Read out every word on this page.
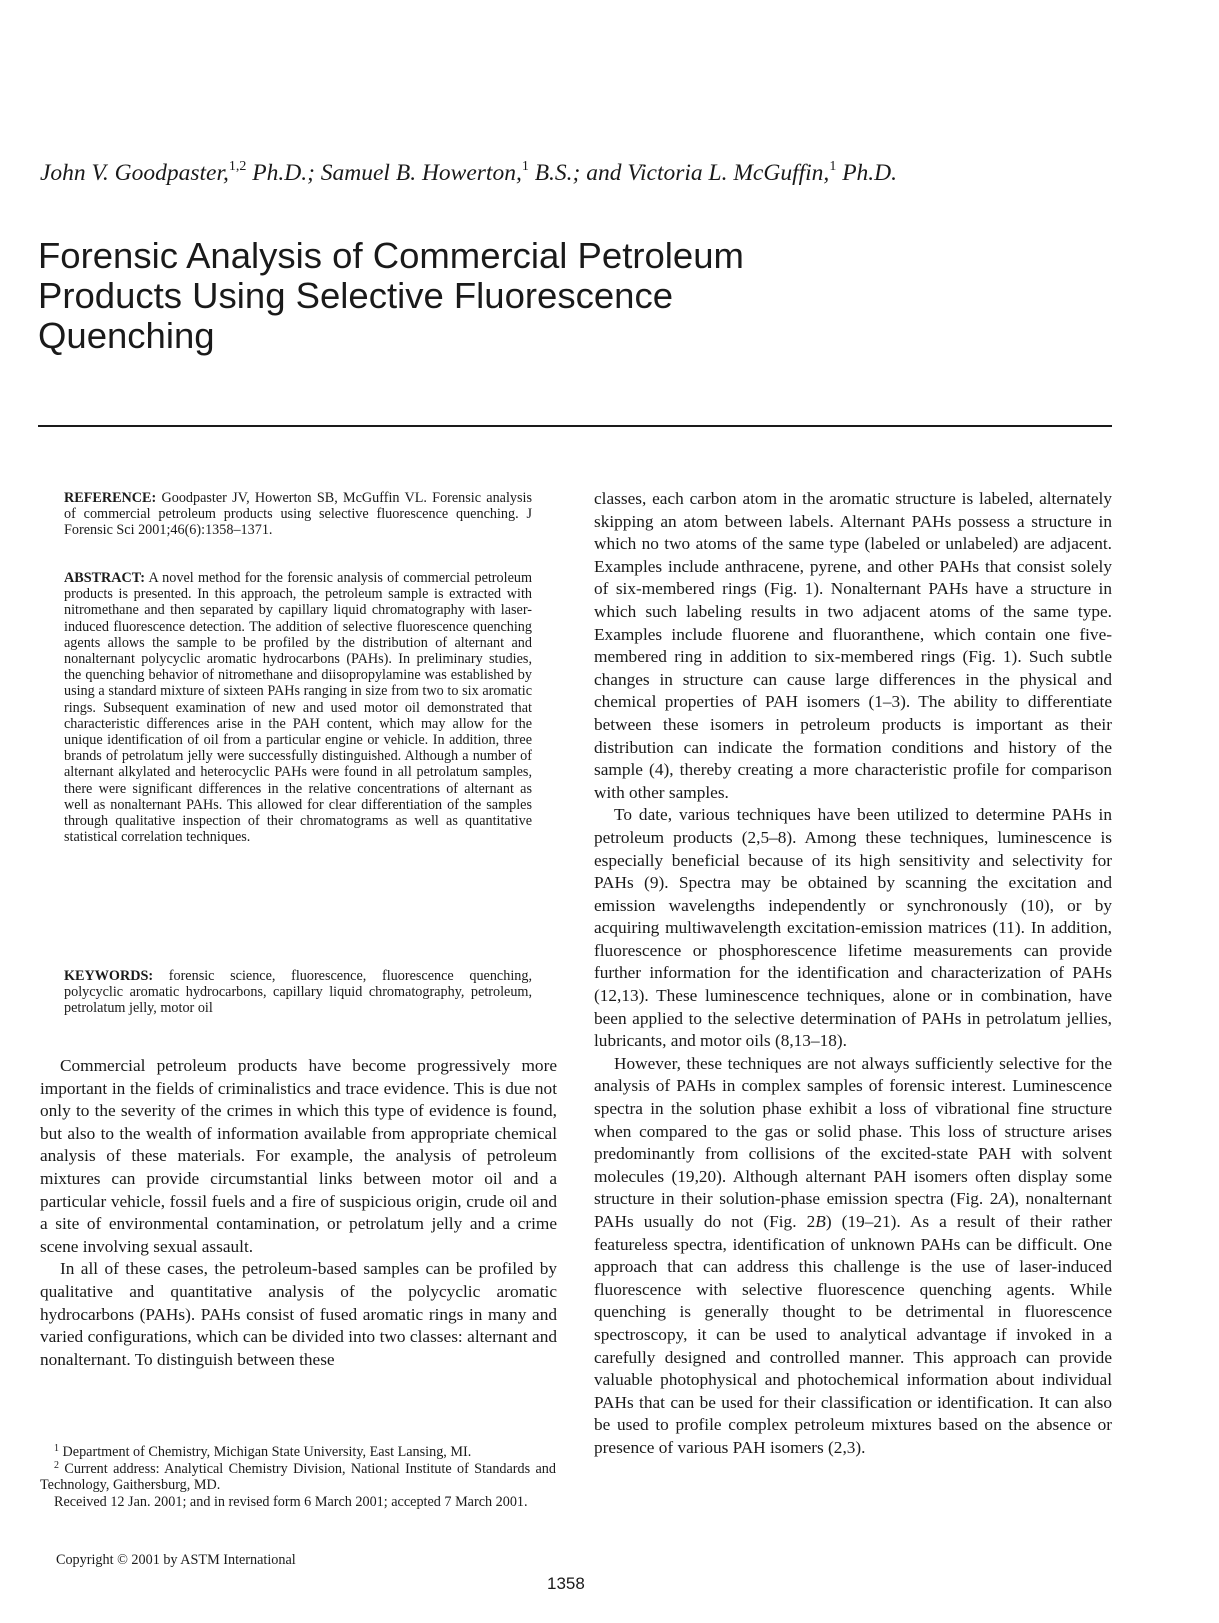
John V. Goodpaster,$^{1,2}$ Ph.D.; Samuel B. Howerton,$^1$ B.S.; and Victoria L. McGuffin,$^1$ Ph.D.
Forensic Analysis of Commercial Petroleum Products Using Selective Fluorescence Quenching
REFERENCE: Goodpaster JV, Howerton SB, McGuffin VL. Forensic analysis of commercial petroleum products using selective fluorescence quenching. J Forensic Sci 2001;46(6):1358–1371.
ABSTRACT: A novel method for the forensic analysis of commercial petroleum products is presented. In this approach, the petroleum sample is extracted with nitromethane and then separated by capillary liquid chromatography with laser-induced fluorescence detection. The addition of selective fluorescence quenching agents allows the sample to be profiled by the distribution of alternant and nonalternant polycyclic aromatic hydrocarbons (PAHs). In preliminary studies, the quenching behavior of nitromethane and diisopropylamine was established by using a standard mixture of sixteen PAHs ranging in size from two to six aromatic rings. Subsequent examination of new and used motor oil demonstrated that characteristic differences arise in the PAH content, which may allow for the unique identification of oil from a particular engine or vehicle. In addition, three brands of petrolatum jelly were successfully distinguished. Although a number of alternant alkylated and heterocyclic PAHs were found in all petrolatum samples, there were significant differences in the relative concentrations of alternant as well as nonalternant PAHs. This allowed for clear differentiation of the samples through qualitative inspection of their chromatograms as well as quantitative statistical correlation techniques.
KEYWORDS: forensic science, fluorescence, fluorescence quenching, polycyclic aromatic hydrocarbons, capillary liquid chromatography, petroleum, petrolatum jelly, motor oil

Commercial petroleum products have become progressively more important in the fields of criminalistics and trace evidence. This is due not only to the severity of the crimes in which this type of evidence is found, but also to the wealth of information available from appropriate chemical analysis of these materials. For example, the analysis of petroleum mixtures can provide circumstantial links between motor oil and a particular vehicle, fossil fuels and a fire of suspicious origin, crude oil and a site of environmental contamination, or petrolatum jelly and a crime scene involving sexual assault.

In all of these cases, the petroleum-based samples can be profiled by qualitative and quantitative analysis of the polycyclic aromatic hydrocarbons (PAHs). PAHs consist of fused aromatic rings in many and varied configurations, which can be divided into two classes: alternant and nonalternant. To distinguish between these

classes, each carbon atom in the aromatic structure is labeled, alternately skipping an atom between labels. Alternant PAHs possess a structure in which no two atoms of the same type (labeled or unlabeled) are adjacent. Examples include anthracene, pyrene, and other PAHs that consist solely of six-membered rings (Fig. 1). Nonalternant PAHs have a structure in which such labeling results in two adjacent atoms of the same type. Examples include fluorene and fluoranthene, which contain one five-membered ring in addition to six-membered rings (Fig. 1). Such subtle changes in structure can cause large differences in the physical and chemical properties of PAH isomers (1–3). The ability to differentiate between these isomers in petroleum products is important as their distribution can indicate the formation conditions and history of the sample (4), thereby creating a more characteristic profile for comparison with other samples.

To date, various techniques have been utilized to determine PAHs in petroleum products (2,5–8). Among these techniques, luminescence is especially beneficial because of its high sensitivity and selectivity for PAHs (9). Spectra may be obtained by scanning the excitation and emission wavelengths independently or synchronously (10), or by acquiring multiwavelength excitation-emission matrices (11). In addition, fluorescence or phosphorescence lifetime measurements can provide further information for the identification and characterization of PAHs (12,13). These luminescence techniques, alone or in combination, have been applied to the selective determination of PAHs in petrolatum jellies, lubricants, and motor oils (8,13–18).

However, these techniques are not always sufficiently selective for the analysis of PAHs in complex samples of forensic interest. Luminescence spectra in the solution phase exhibit a loss of vibrational fine structure when compared to the gas or solid phase. This loss of structure arises predominantly from collisions of the excited-state PAH with solvent molecules (19,20). Although alternant PAH isomers often display some structure in their solution-phase emission spectra (Fig. 2A), nonalternant PAHs usually do not (Fig. 2B) (19–21). As a result of their rather featureless spectra, identification of unknown PAHs can be difficult. One approach that can address this challenge is the use of laser-induced fluorescence with selective fluorescence quenching agents. While quenching is generally thought to be detrimental in fluorescence spectroscopy, it can be used to analytical advantage if invoked in a carefully designed and controlled manner. This approach can provide valuable photophysical and photochemical information about individual PAHs that can be used for their classification or identification. It can also be used to profile complex petroleum mixtures based on the absence or presence of various PAH isomers (2,3).

$^1$ Department of Chemistry, Michigan State University, East Lansing, MI.

$^2$ Current address: Analytical Chemistry Division, National Institute of Standards and Technology, Gaithersburg, MD.

Received 12 Jan. 2001; and in revised form 6 March 2001; accepted 7 March 2001.

Copyright © 2001 by ASTM International
1358
